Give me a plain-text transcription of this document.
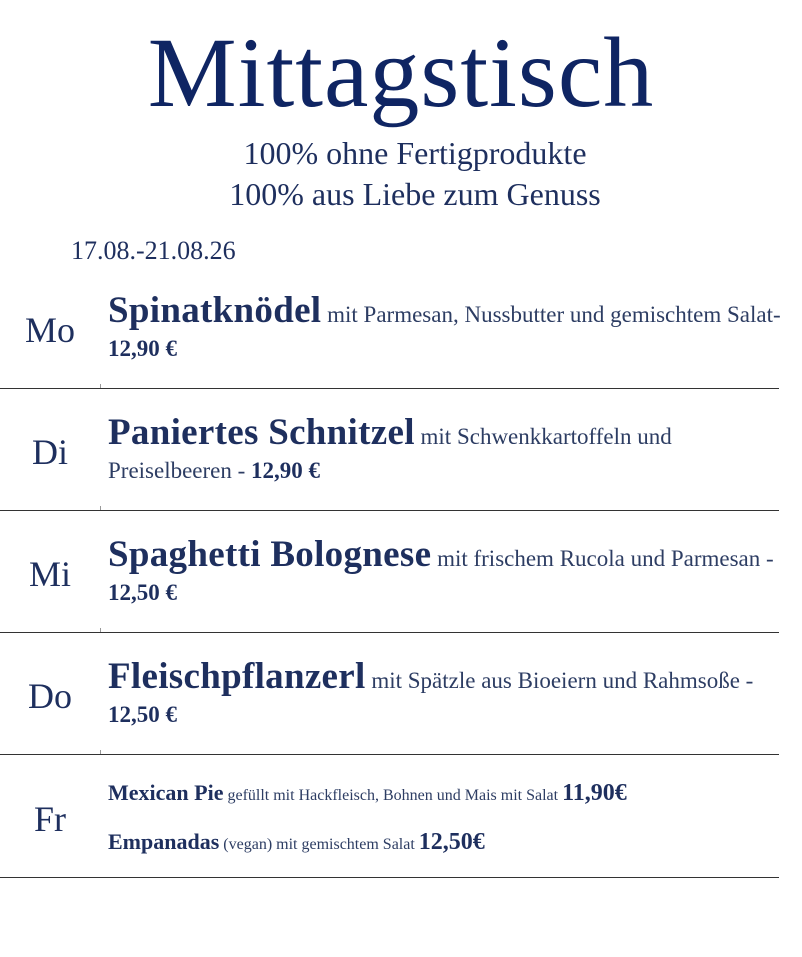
Mittagstisch
100% ohne Fertigprodukte
100% aus Liebe zum Genuss
17.08.-21.08.26
Mo Spinatknödel mit Parmesan, Nussbutter und gemischtem Salat- 12,90 €
Di	Paniertes Schnitzel mit Schwenkkartoffeln und Preiselbeeren - 12,90 €
Mi Spaghetti Bolognese mit frischem Rucola und Parmesan - 12,50 €
Do Fleischpflanzerl mit Spätzle aus Bioeiern und Rahmsoße - 12,50 €
Fr
Mexican Pie gefüllt mit Hackfleisch, Bohnen und Mais mit Salat 11,90€
Empanadas (vegan) mit gemischtem Salat 12,50€
